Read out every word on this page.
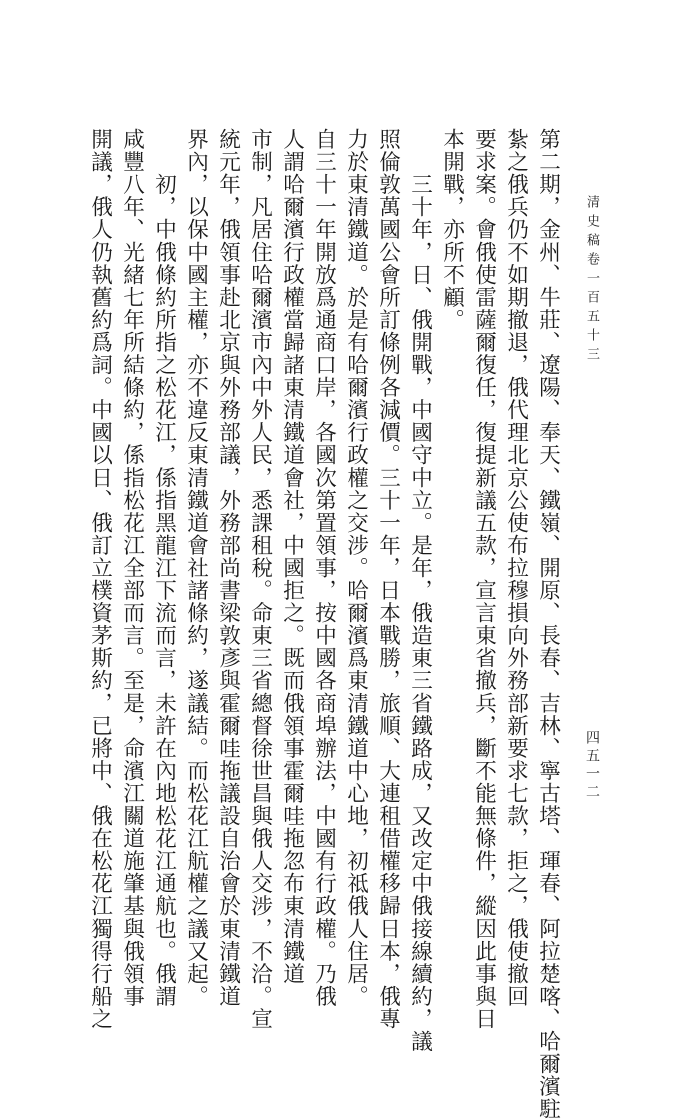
清史稿卷一百五十三
四五一二
第二期，金州、牛莊、遼陽、奉天、鐵嶺、開原、長春、吉林、寧古塔、琿春、阿拉楚喀、哈爾濱駐
紮之俄兵仍不如期撤退，俄代理北京公使布拉穆損向外務部新要求七款，拒之，俄使撤回
要求案。會俄使雷薩爾復任，復提新議五款，宣言東省撤兵，斷不能無條件，縱因此事與日
本開戰，亦所不顧。
　　三十年，日、俄開戰，中國守中立。是年，俄造東三省鐵路成，又改定中俄接線續約，議
照倫敦萬國公會所訂條例各減價。三十一年，日本戰勝，旅順、大連租借權移歸日本，俄專
力於東清鐵道。於是有哈爾濱行政權之交涉。哈爾濱爲東清鐵道中心地，初祗俄人住居。
自三十一年開放爲通商口岸，各國次第置領事，按中國各商埠辦法，中國有行政權。乃俄
人謂哈爾濱行政權當歸諸東清鐵道會社，中國拒之。既而俄領事霍爾哇拖忽布東清鐵道
市制，凡居住哈爾濱市內中外人民，悉課租稅。命東三省總督徐世昌與俄人交涉，不洽。宣
統元年，俄領事赴北京與外務部議，外務部尚書梁敦彥與霍爾哇拖議設自治會於東清鐵道
界內，以保中國主權，亦不違反東清鐵道會社諸條約，遂議結。而松花江航權之議又起。
　　初，中俄條約所指之松花江，係指黑龍江下流而言，未許在內地松花江通航也。俄謂
咸豐八年、光緒七年所結條約，係指松花江全部而言。至是，命濱江關道施肇基與俄領事
開議，俄人仍執舊約爲詞。中國以日、俄訂立樸資茅斯約，已將中、俄在松花江獨得行船之
